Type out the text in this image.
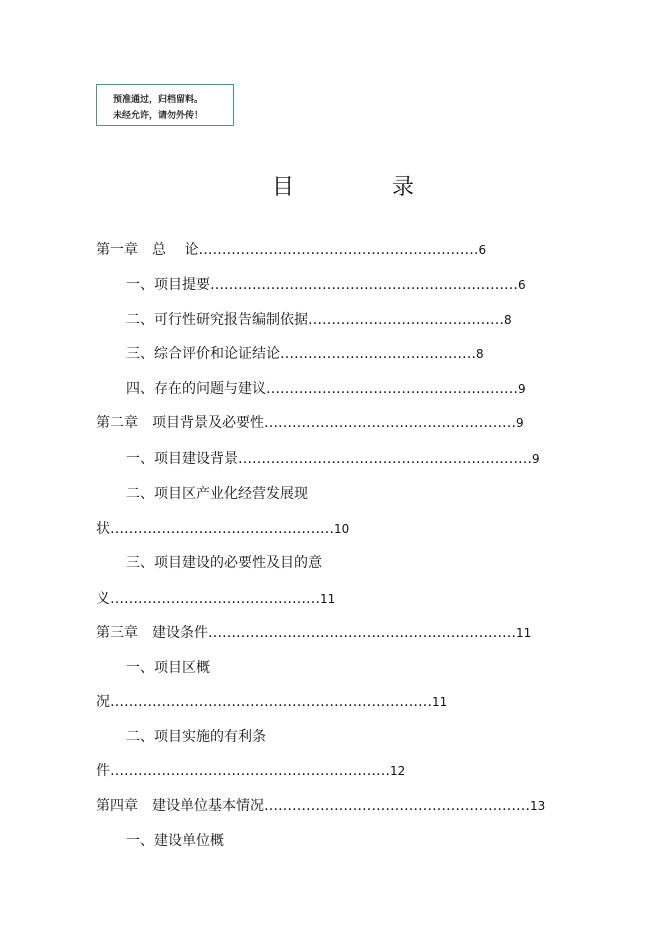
预准通过，归档留料。
未经允许，请勿外传！
目	录
第一章　总　 论……………………………………………………6
一、项目提要…………………………………………………………6
二、可行性研究报告编制依据……………………………………8
三、综合评价和论证结论……………………………………8
四、存在的问题与建议………………………………………………9
第二章　项目背景及必要性………………………………………………9
一、项目建设背景………………………………………………………9
二、项目区产业化经营发展现
状…………………………………………10
三、项目建设的必要性及目的意
义………………………………………11
第三章　建设条件…………………………………………………………11
一、项目区概
况……………………………………………………………11
二、项目实施的有利条
件……………………………………………………12
第四章　建设单位基本情况…………………………………………………13
一、建设单位概
